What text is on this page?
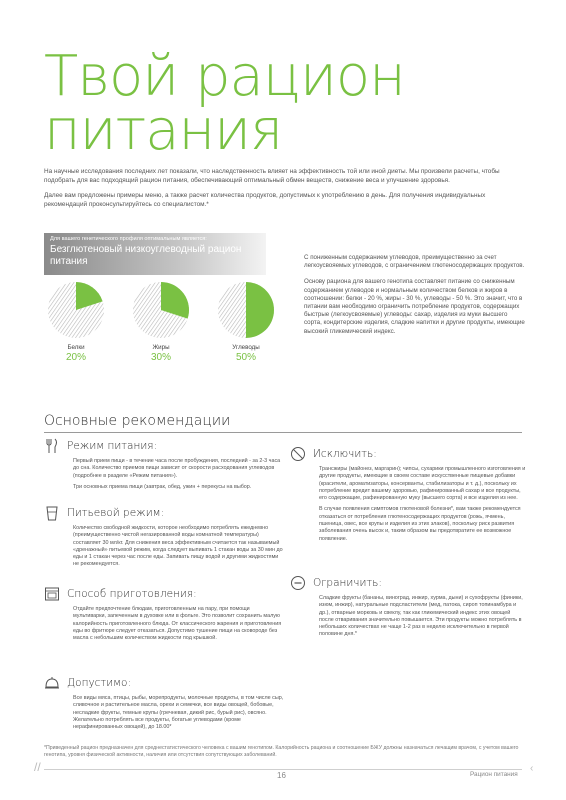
Твой рацион
питания

На научные исследования последних лет показали, что наследственность влияет на эффективность той или иной диеты. Мы произвели расчеты, чтобы подобрать для вас подходящий рацион питания, обеспечивающий оптимальный обмен веществ, снижение веса и улучшение здоровья.

Далее вам предложены примеры меню, а также расчет количества продуктов, допустимых к употреблению в день. Для получения индивидуальных рекомендаций проконсультируйтесь со специалистом.*

Для вашего генетического профиля оптимальным является:
Безглютеновый низкоуглеводный рацион питания
Белки
20%
Жиры
30%
Углеводы
50%

С пониженным содержанием углеводов, преимущественно за счет легкоусвояемых углеводов, с ограничением глютеносодержащих продуктов.

Основу рациона для вашего генотипа составляет питание со сниженным содержанием углеводов и нормальным количеством белков и жиров в соотношении: белки - 20 %, жиры - 30 %, углеводы - 50 %. Это значит, что в питании вам необходимо ограничить потребление продуктов, содержащих быстрые (легкоусвояемые) углеводы: сахар, изделия из муки высшего сорта, кондитерские изделия, сладкие напитки и другие продукты, имеющие высокий гликемический индекс.

Основные рекомендации
Режим питания:

Первый прием пищи - в течение часа после пробуждения, последний - за 2-3 часа до сна. Количество приемов пищи зависит от скорости расходования углеводов (подробнее в разделе «Режим питания»).

Три основных приема пищи (завтрак, обед, ужин + перекусы на выбор.

Питьевой режим:

Количество свободной жидкости, которое необходимо потреблять ежедневно (преимущественно чистой негазированной воды комнатной температуры) составляет 30 мл/кг. Для снижения веса эффективным считается так называемый «дренажный» питьевой режим, когда следует выпивать 1 стакан воды за 30 мин до еды и 1 стакан через час после еды. Запивать пищу водой и другими жидкостями не рекомендуется.

Способ приготовления:

Отдайте предпочтение блюдам, приготовленным на пару, при помощи мультиварки, запеченным в духовке или в фольге. Это позволит сохранить малую калорийность приготовленного блюда. От классического жарения и приготовления еды во фритюре следует отказаться. Допустимо тушение пищи на сковороде без масла с небольшим количеством жидкости под крышкой.

Допустимо:

Все виды мяса, птицы, рыбы, морепродукты, молочные продукты, в том числе сыр, сливочное и растительное масла, орехи и семечки, все виды овощей, бобовые, несладкие фрукты, темные крупы (гречневая, дикий рис, бурый рис), овсяно. Желательно потреблять все продукты, богатые углеводами (кроме нерафинированных овощей), до 18.00*

Исключить:

Трансжиры (майонез, маргарин); чипсы, сухарики промышленного изготовления и другие продукты, имеющие в своем составе искусственные пищевые добавки (красители, ароматизаторы, консерванты, стабилизаторы и т. д.), поскольку их потребление вредит вашему здоровью, рафинированный сахар и все продукты, его содержащие, рафинированную муку (высшего сорта) и все изделия из нее.

В случае появления симптомов глютеновой болезни*, вам также рекомендуется отказаться от потребления глютеносодержащих продуктов (рожь, ячмень, пшеница, овес, все крупы и изделия из этих злаков), поскольку риск развития заболевания очень высок и, таким образом вы предотвратите ее возможное появление.

Ограничить:

Сладкие фрукты (бананы, виноград, инжир, хурма, дыни) и сухофрукты (финики, изюм, инжир), натуральные подсластители (мед, патока, сироп топинамбура и др.), отварные морковь и свеклу, так как гликемический индекс этих овощей после отваривания значительно повышается. Эти продукты можно потреблять в небольших количествах не чаще 1-2 раз в неделю исключительно в первой половине дня.*

*Приведенный рацион предназначен для среднестатистического человека с вашим генотипом. Калорийность рациона и соотношение БЖУ должны назначаться лечащим врачом, с учетом вашего генотипа, уровня физической активности, наличия или отсутствия сопутствующих заболеваний.
//
16	Рацион питания
‹
